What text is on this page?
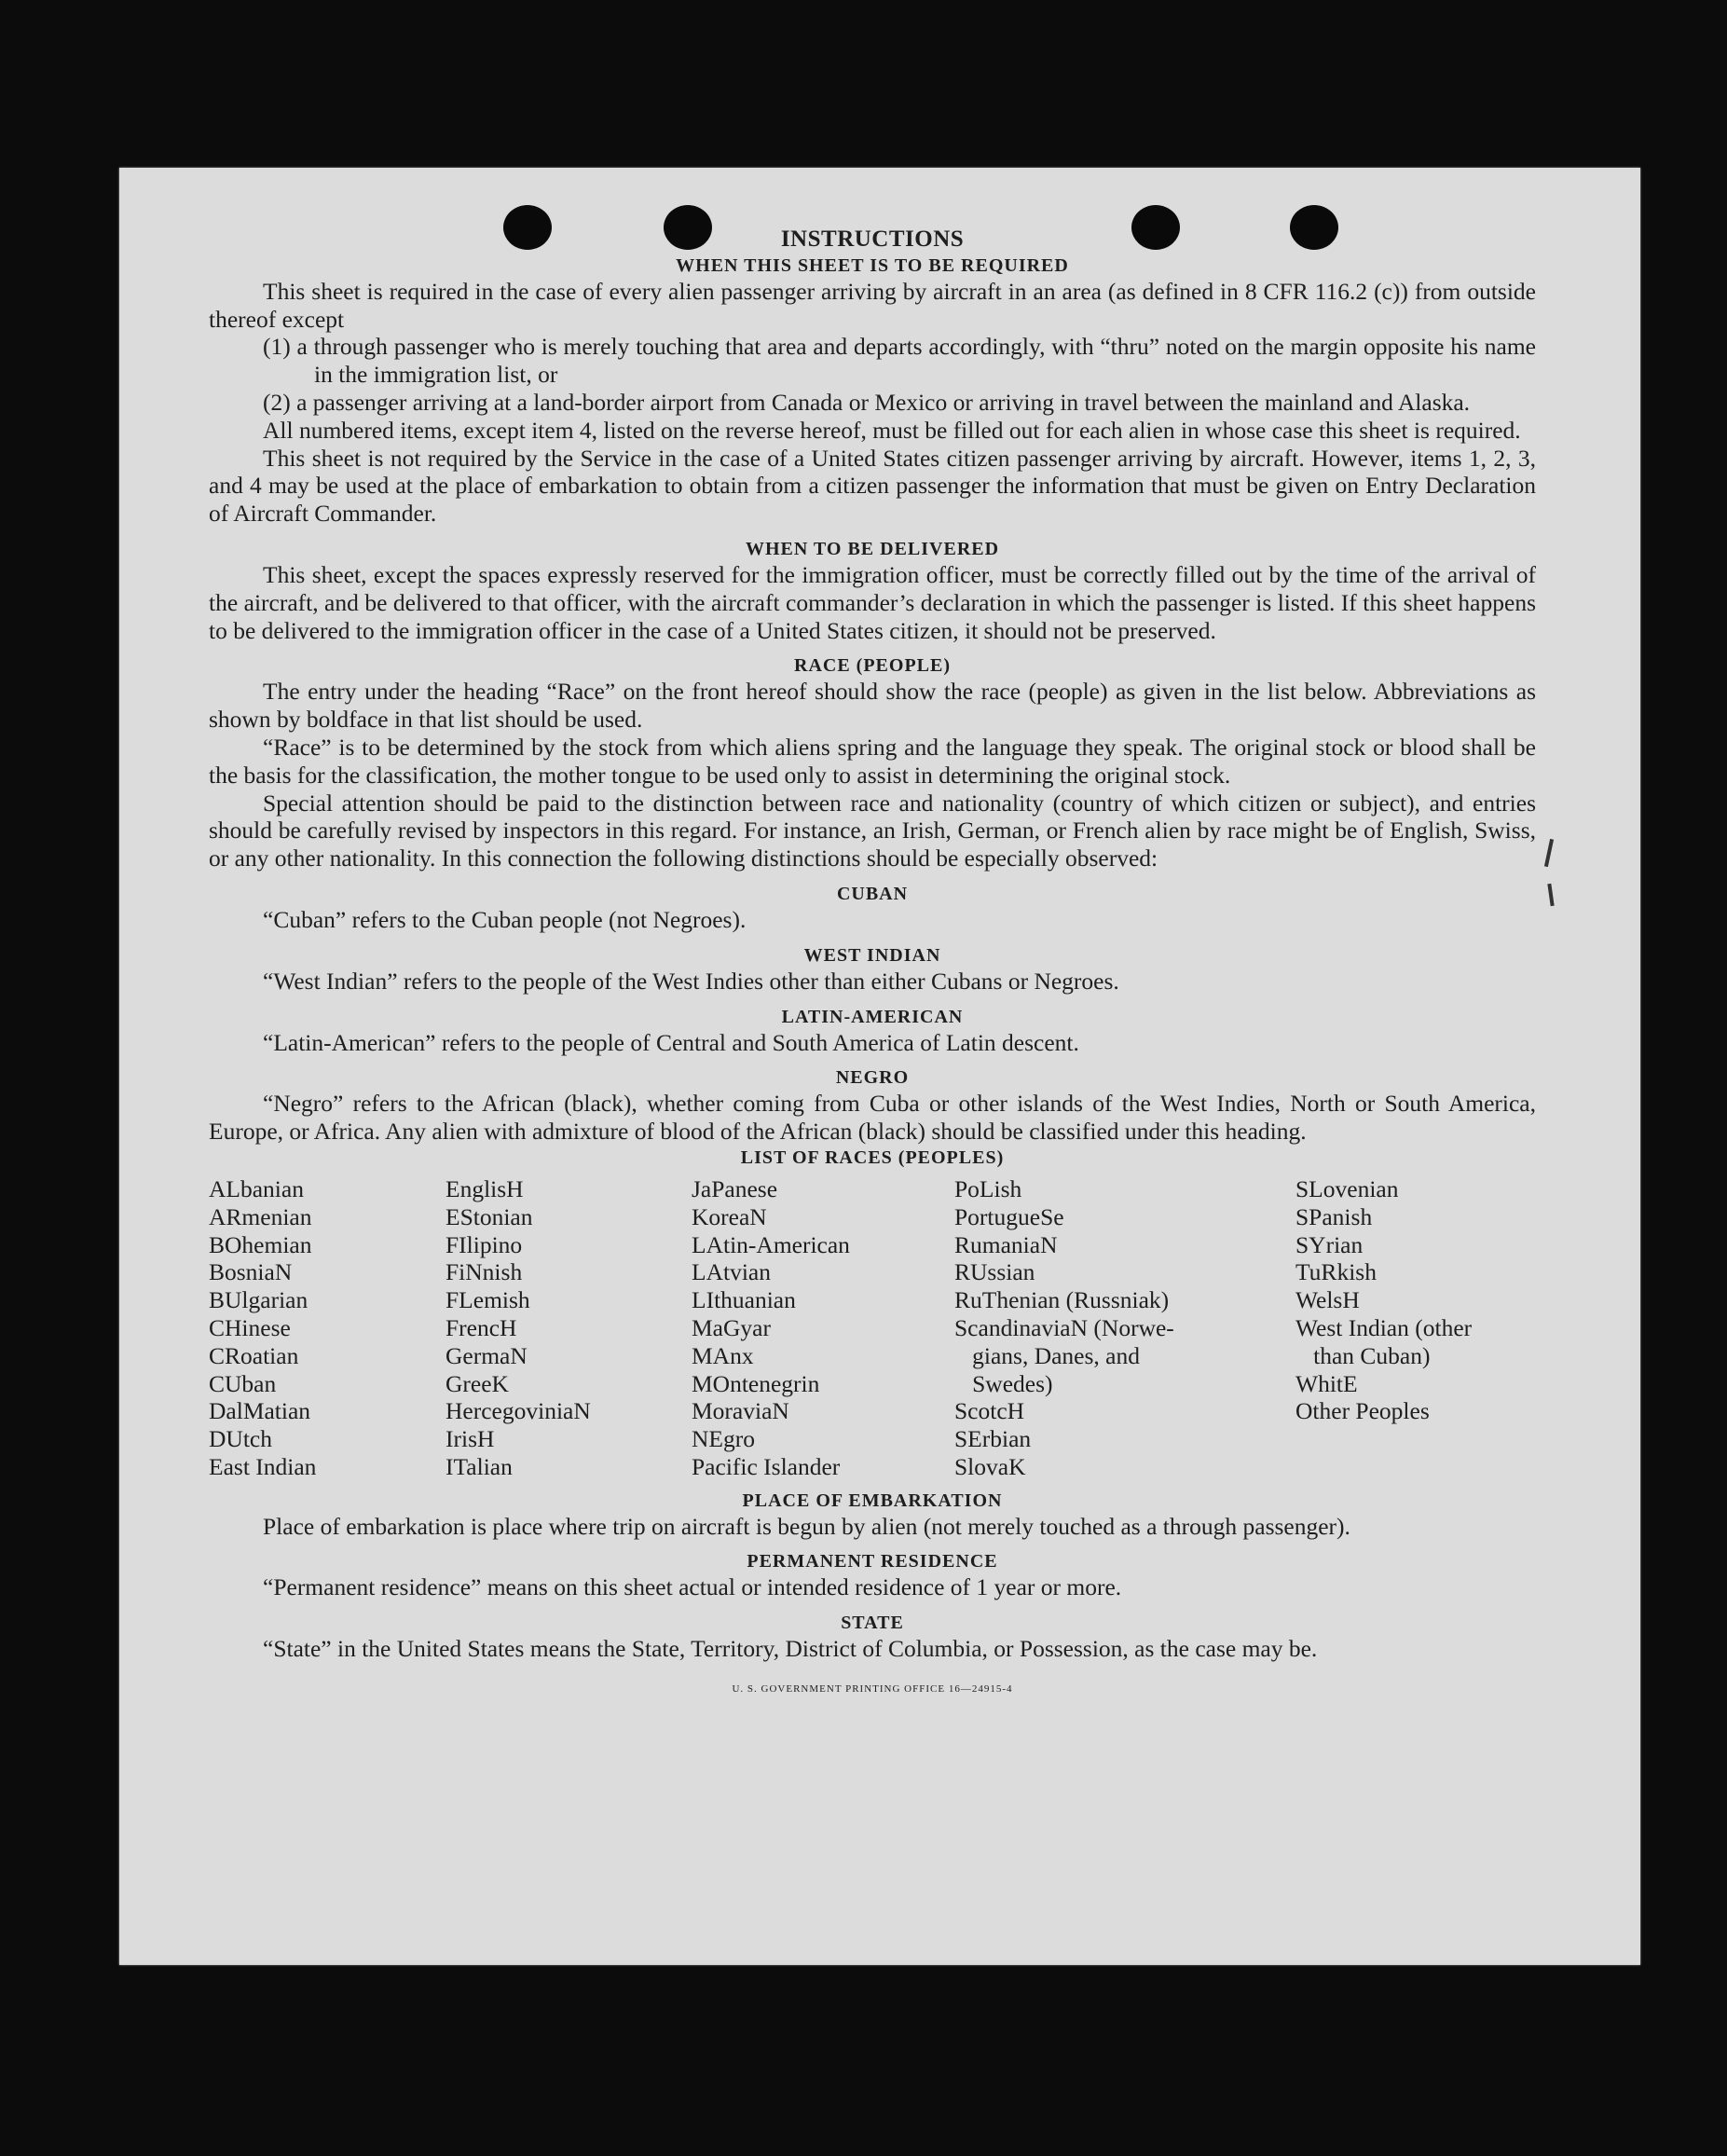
INSTRUCTIONS

WHEN THIS SHEET IS TO BE REQUIRED

This sheet is required in the case of every alien passenger arriving by aircraft in an area (as defined in 8 CFR 116.2 (c)) from outside thereof except

(1) a through passenger who is merely touching that area and departs accordingly, with “thru” noted on the margin opposite his name in the immigration list, or

(2) a passenger arriving at a land-border airport from Canada or Mexico or arriving in travel between the mainland and Alaska.

All numbered items, except item 4, listed on the reverse hereof, must be filled out for each alien in whose case this sheet is required.

This sheet is not required by the Service in the case of a United States citizen passenger arriving by aircraft. However, items 1, 2, 3, and 4 may be used at the place of embarkation to obtain from a citizen passenger the information that must be given on Entry Declaration of Aircraft Commander.

WHEN TO BE DELIVERED

This sheet, except the spaces expressly reserved for the immigration officer, must be correctly filled out by the time of the arrival of the aircraft, and be delivered to that officer, with the aircraft commander’s declaration in which the passenger is listed. If this sheet happens to be delivered to the immigration officer in the case of a United States citizen, it should not be preserved.

RACE (PEOPLE)

The entry under the heading “Race” on the front hereof should show the race (people) as given in the list below. Abbreviations as shown by boldface in that list should be used.

“Race” is to be determined by the stock from which aliens spring and the language they speak. The original stock or blood shall be the basis for the classification, the mother tongue to be used only to assist in determining the original stock.

Special attention should be paid to the distinction between race and nationality (country of which citizen or subject), and entries should be carefully revised by inspectors in this regard. For instance, an Irish, German, or French alien by race might be of English, Swiss, or any other nationality. In this connection the following distinctions should be especially observed:

CUBAN

“Cuban” refers to the Cuban people (not Negroes).

WEST INDIAN

“West Indian” refers to the people of the West Indies other than either Cubans or Negroes.

LATIN-AMERICAN

“Latin-American” refers to the people of Central and South America of Latin descent.

NEGRO

“Negro” refers to the African (black), whether coming from Cuba or other islands of the West Indies, North or South America, Europe, or Africa. Any alien with admixture of blood of the African (black) should be classified under this heading.

LIST OF RACES (PEOPLES)

ALbanian
ARmenian
BOhemian
BosniaN
BUlgarian
CHinese
CRoatian
CUban
DalMatian
DUtch
East Indian
EnglisH
EStonian
FIlipino
FiNnish
FLemish
FrencH
GermaN
GreeK
HercegoviniaN
IrisH
ITalian
JaPanese
KoreaN
LAtin-American
LAtvian
LIthuanian
MaGyar
MAnx
MOntenegrin
MoraviaN
NEgro
Pacific Islander
PoLish
PortugueSe
RumaniaN
RUssian
RuThenian (Russniak)
ScandinaviaN (Norwe-
gians, Danes, and
Swedes)
ScotcH
SErbian
SlovaK
SLovenian
SPanish
SYrian
TuRkish
WelsH
West Indian (other
than Cuban)
WhitE
Other Peoples

PLACE OF EMBARKATION

Place of embarkation is place where trip on aircraft is begun by alien (not merely touched as a through passenger).

PERMANENT RESIDENCE

“Permanent residence” means on this sheet actual or intended residence of 1 year or more.

STATE

“State” in the United States means the State, Territory, District of Columbia, or Possession, as the case may be.

U. S. GOVERNMENT PRINTING OFFICE 16—24915-4
